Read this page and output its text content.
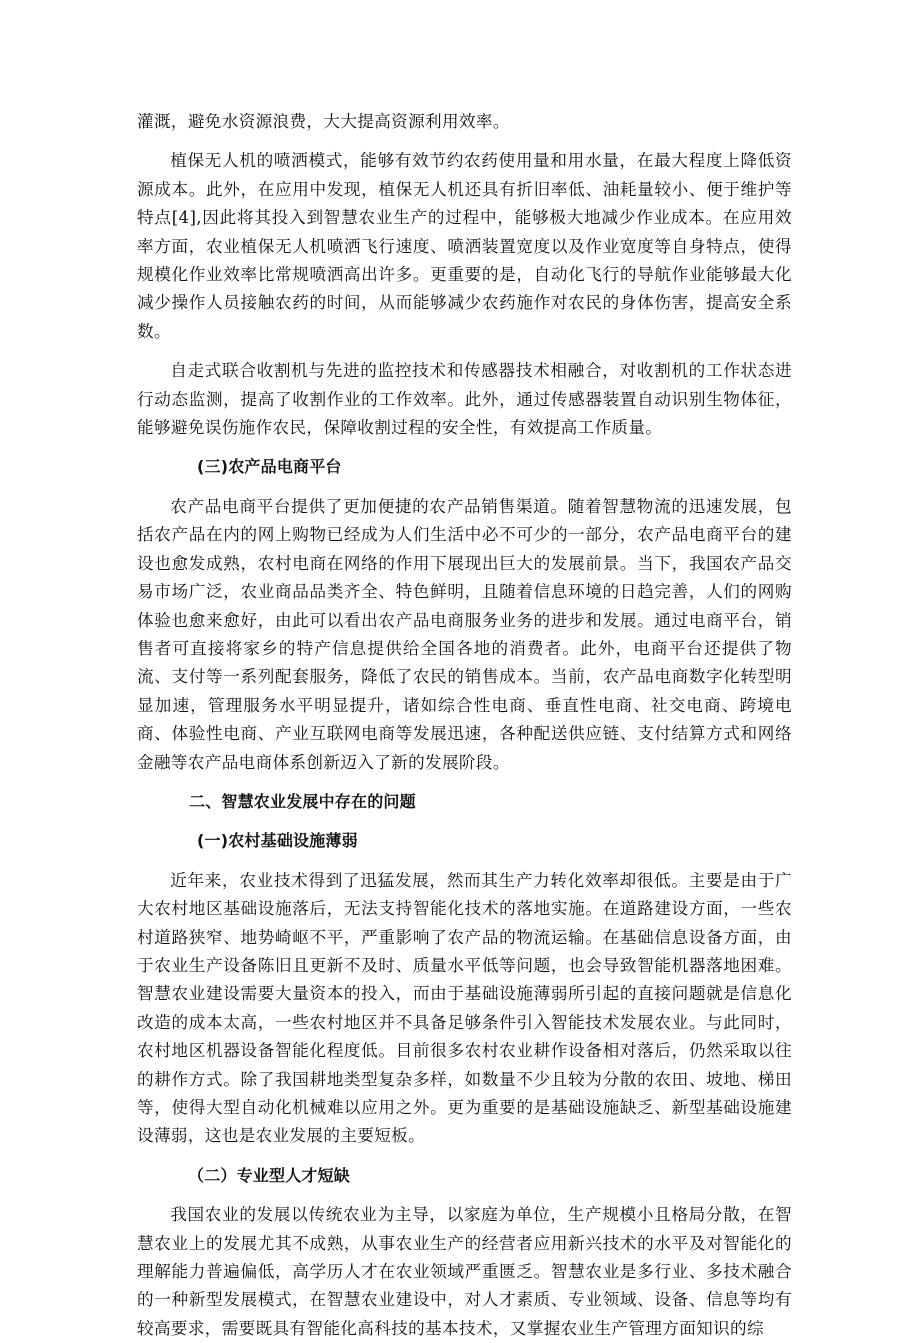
灌溉，避免水资源浪费，大大提高资源利用效率。

植保无人机的喷洒模式，能够有效节约农药使用量和用水量，在最大程度上降低资源成本。此外，在应用中发现，植保无人机还具有折旧率低、油耗量较小、便于维护等特点[4],因此将其投入到智慧农业生产的过程中，能够极大地减少作业成本。在应用效率方面，农业植保无人机喷洒飞行速度、喷洒装置宽度以及作业宽度等自身特点，使得规模化作业效率比常规喷洒高出许多。更重要的是，自动化飞行的导航作业能够最大化减少操作人员接触农药的时间，从而能够减少农药施作对农民的身体伤害，提高安全系数。

自走式联合收割机与先进的监控技术和传感器技术相融合，对收割机的工作状态进行动态监测，提高了收割作业的工作效率。此外，通过传感器装置自动识别生物体征，能够避免误伤施作农民，保障收割过程的安全性，有效提高工作质量。

(三)农产品电商平台

农产品电商平台提供了更加便捷的农产品销售渠道。随着智慧物流的迅速发展，包括农产品在内的网上购物已经成为人们生活中必不可少的一部分，农产品电商平台的建设也愈发成熟，农村电商在网络的作用下展现出巨大的发展前景。当下，我国农产品交易市场广泛，农业商品品类齐全、特色鲜明，且随着信息环境的日趋完善，人们的网购体验也愈来愈好，由此可以看出农产品电商服务业务的进步和发展。通过电商平台，销售者可直接将家乡的特产信息提供给全国各地的消费者。此外，电商平台还提供了物流、支付等一系列配套服务，降低了农民的销售成本。当前，农产品电商数字化转型明显加速，管理服务水平明显提升，诸如综合性电商、垂直性电商、社交电商、跨境电商、体验性电商、产业互联网电商等发展迅速，各种配送供应链、支付结算方式和网络金融等农产品电商体系创新迈入了新的发展阶段。

二、智慧农业发展中存在的问题
(一)农村基础设施薄弱

近年来，农业技术得到了迅猛发展，然而其生产力转化效率却很低。主要是由于广大农村地区基础设施落后，无法支持智能化技术的落地实施。在道路建设方面，一些农村道路狭窄、地势崎岖不平，严重影响了农产品的物流运输。在基础信息设备方面，由于农业生产设备陈旧且更新不及时、质量水平低等问题，也会导致智能机器落地困难。智慧农业建设需要大量资本的投入，而由于基础设施薄弱所引起的直接问题就是信息化改造的成本太高，一些农村地区并不具备足够条件引入智能技术发展农业。与此同时，农村地区机器设备智能化程度低。目前很多农村农业耕作设备相对落后，仍然采取以往的耕作方式。除了我国耕地类型复杂多样，如数量不少且较为分散的农田、坡地、梯田等，使得大型自动化机械难以应用之外。更为重要的是基础设施缺乏、新型基础设施建设薄弱，这也是农业发展的主要短板。

（二）专业型人才短缺

我国农业的发展以传统农业为主导，以家庭为单位，生产规模小且格局分散，在智慧农业上的发展尤其不成熟，从事农业生产的经营者应用新兴技术的水平及对智能化的理解能力普遍偏低，高学历人才在农业领域严重匮乏。智慧农业是多行业、多技术融合的一种新型发展模式，在智慧农业建设中，对人才素质、专业领域、设备、信息等均有较高要求，需要既具有智能化高科技的基本技术，又掌握农业生产管理方面知识的综
